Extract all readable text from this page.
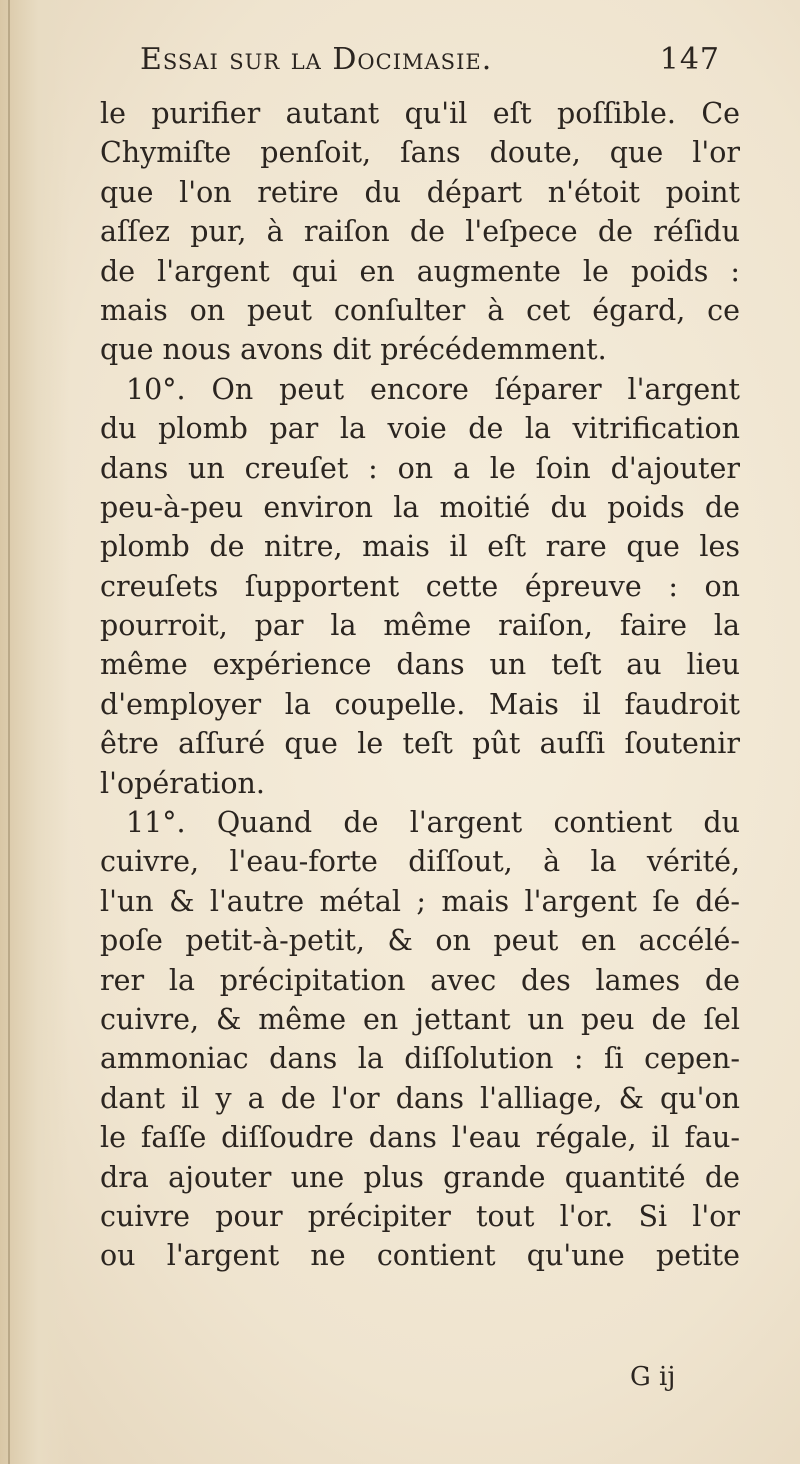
Essai sur la Docimasie.	147
le purifier autant qu'il eſt poſſible. Ce
Chymiſte penſoit, ſans doute, que l'or
que l'on retire du départ n'étoit point
aſſez pur, à raiſon de l'eſpece de réſidu
de l'argent qui en augmente le poids :
mais on peut conſulter à cet égard, ce
que nous avons dit précédemment.
10°. On peut encore ſéparer l'argent
du plomb par la voie de la vitrification
dans un creuſet : on a le ſoin d'ajouter
peu-à-peu environ la moitié du poids de
plomb de nitre, mais il eſt rare que les
creuſets ſupportent cette épreuve : on
pourroit, par la même raiſon, faire la
même expérience dans un teſt au lieu
d'employer la coupelle. Mais il faudroit
être aſſuré que le teſt pût auſſi ſoutenir
l'opération.
11°. Quand de l'argent contient du
cuivre, l'eau-forte diſſout, à la vérité,
l'un & l'autre métal ; mais l'argent ſe dé-
poſe petit-à-petit, & on peut en accélé-
rer la précipitation avec des lames de
cuivre, & même en jettant un peu de ſel
ammoniac dans la diſſolution : ſi cepen-
dant il y a de l'or dans l'alliage, & qu'on
le faſſe diſſoudre dans l'eau régale, il fau-
dra ajouter une plus grande quantité de
cuivre pour précipiter tout l'or. Si l'or
ou l'argent ne contient qu'une petite
G ij
